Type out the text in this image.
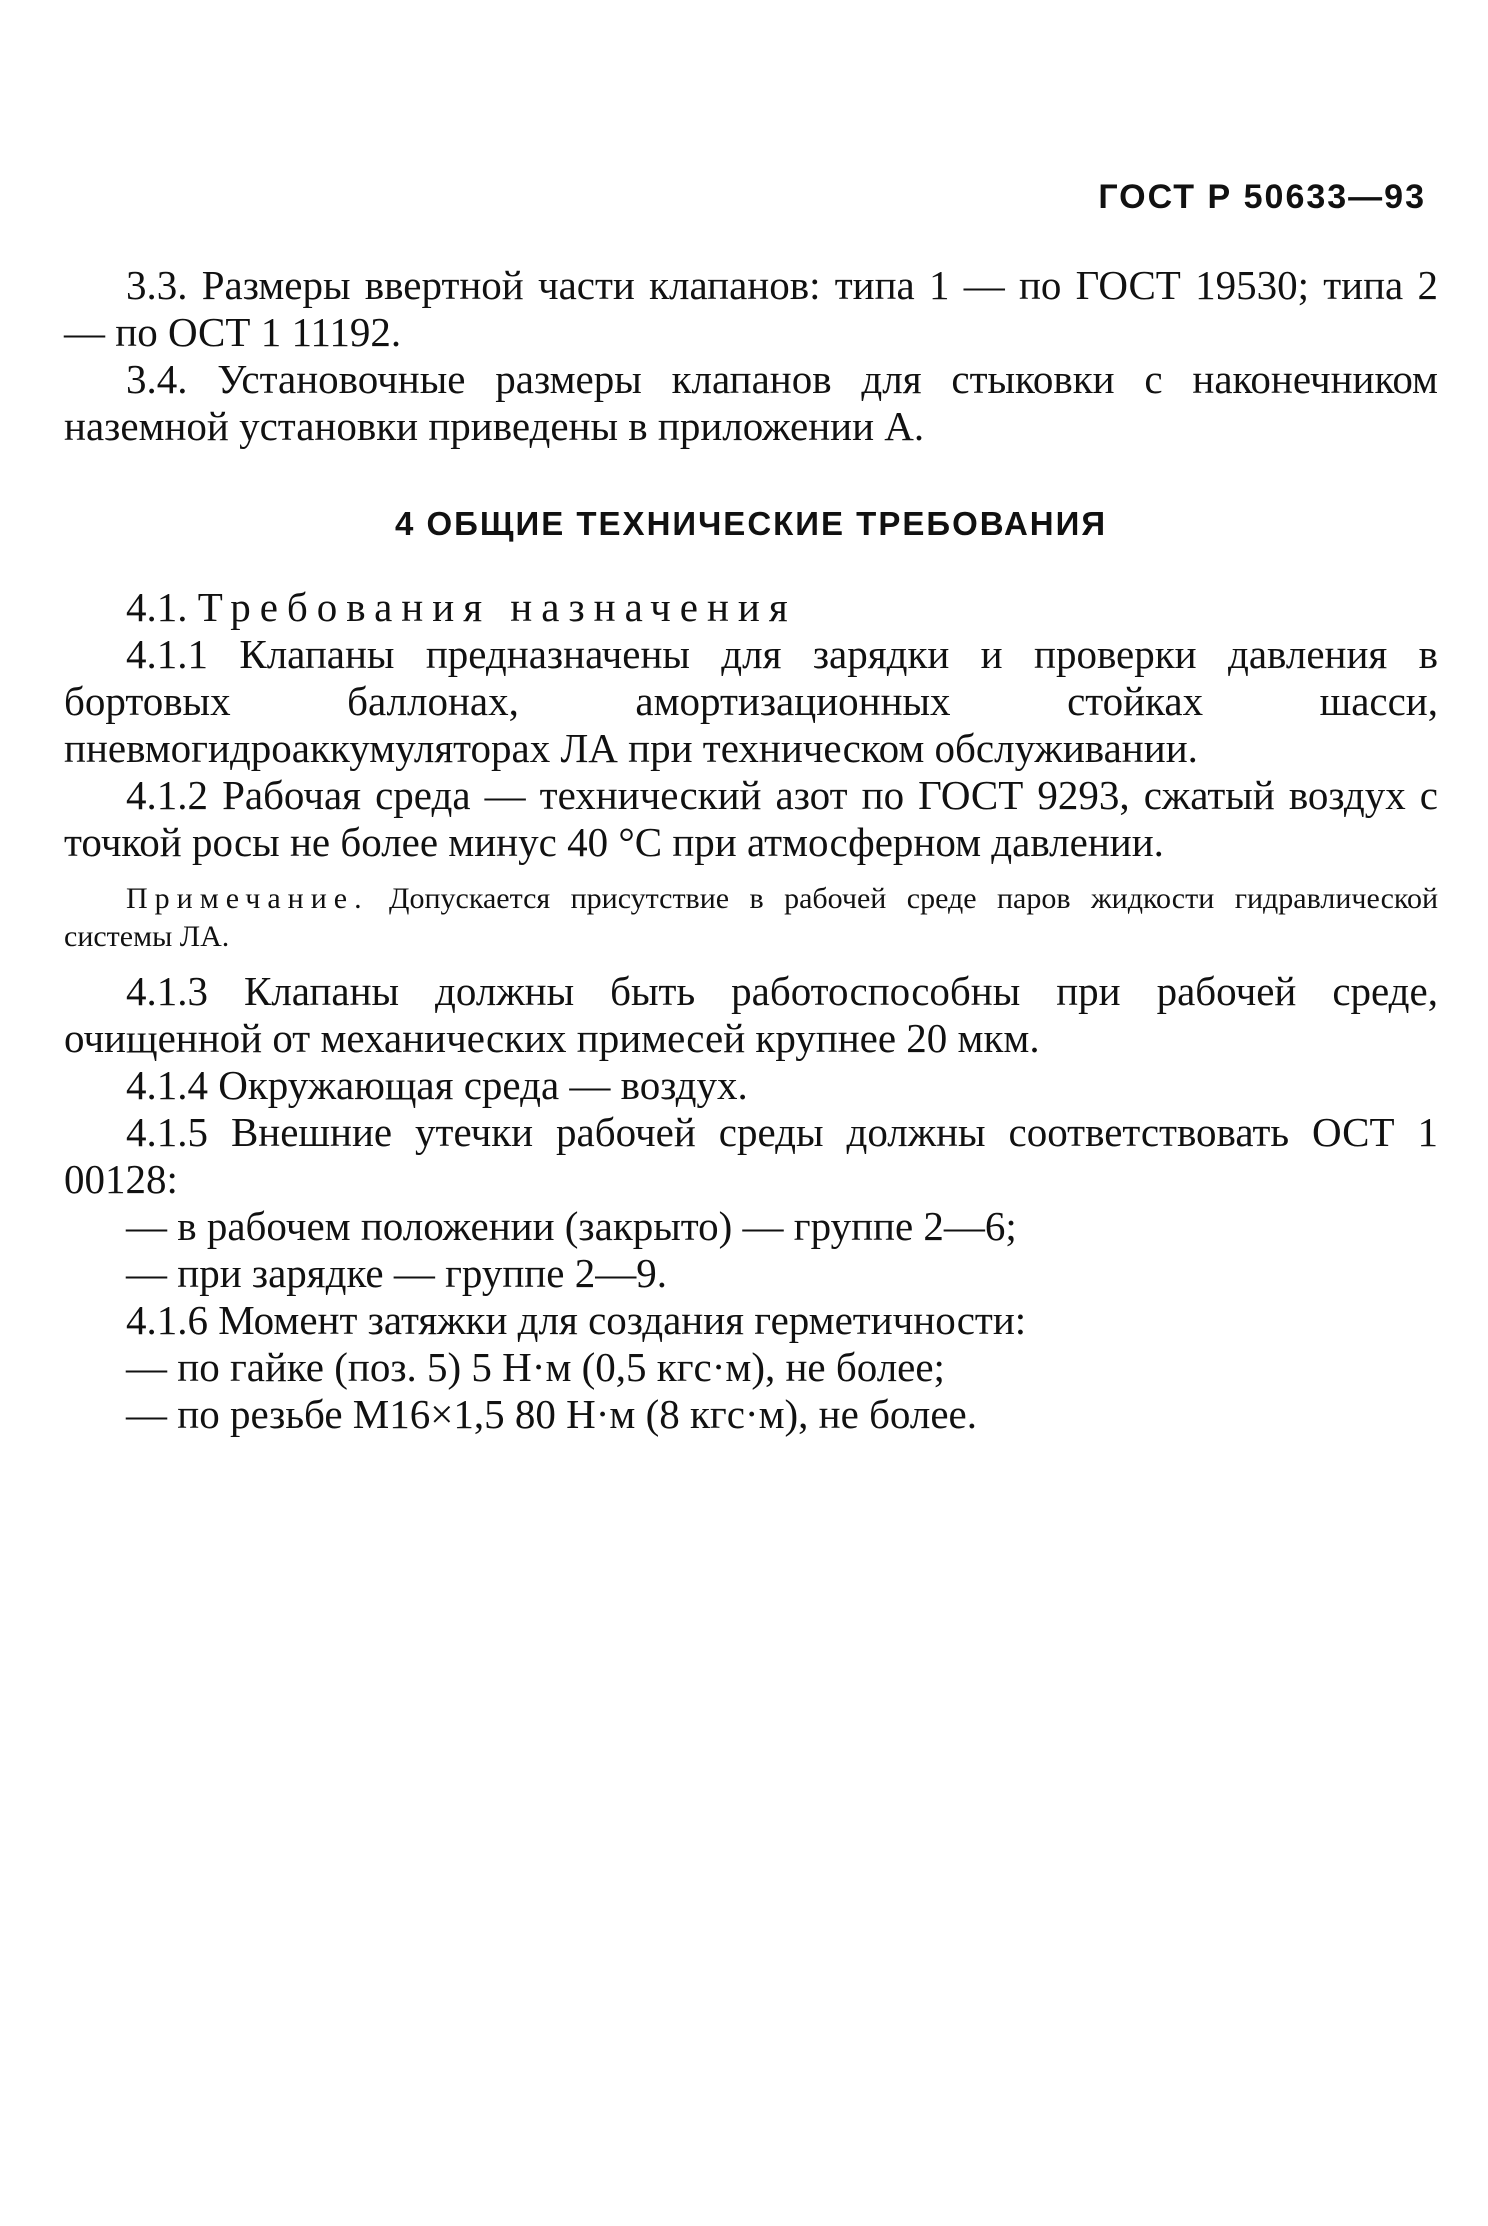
ГОСТ Р 50633—93

3.3. Размеры ввертной части клапанов: типа 1 — по ГОСТ 19530; типа 2 — по ОСТ 1 11192.

3.4. Установочные размеры клапанов для стыковки с наконечником наземной установки приведены в приложении А.

4 ОБЩИЕ ТЕХНИЧЕСКИЕ ТРЕБОВАНИЯ

4.1. Требования назначения

4.1.1 Клапаны предназначены для зарядки и проверки давления в бортовых баллонах, амортизационных стойках шасси, пневмогидроаккумуляторах ЛА при техническом обслуживании.

4.1.2 Рабочая среда — технический азот по ГОСТ 9293, сжатый воздух с точкой росы не более минус 40 °С при атмосферном давлении.

Примечание. Допускается присутствие в рабочей среде паров жидкости гидравлической системы ЛА.

4.1.3 Клапаны должны быть работоспособны при рабочей среде, очищенной от механических примесей крупнее 20 мкм.

4.1.4 Окружающая среда — воздух.

4.1.5 Внешние утечки рабочей среды должны соответствовать ОСТ 1 00128:

— в рабочем положении (закрыто) — группе 2—6;

— при зарядке — группе 2—9.

4.1.6 Момент затяжки для создания герметичности:

— по гайке (поз. 5) 5 Н·м (0,5 кгс·м), не более;

— по резьбе М16×1,5 80 Н·м (8 кгс·м), не более.
